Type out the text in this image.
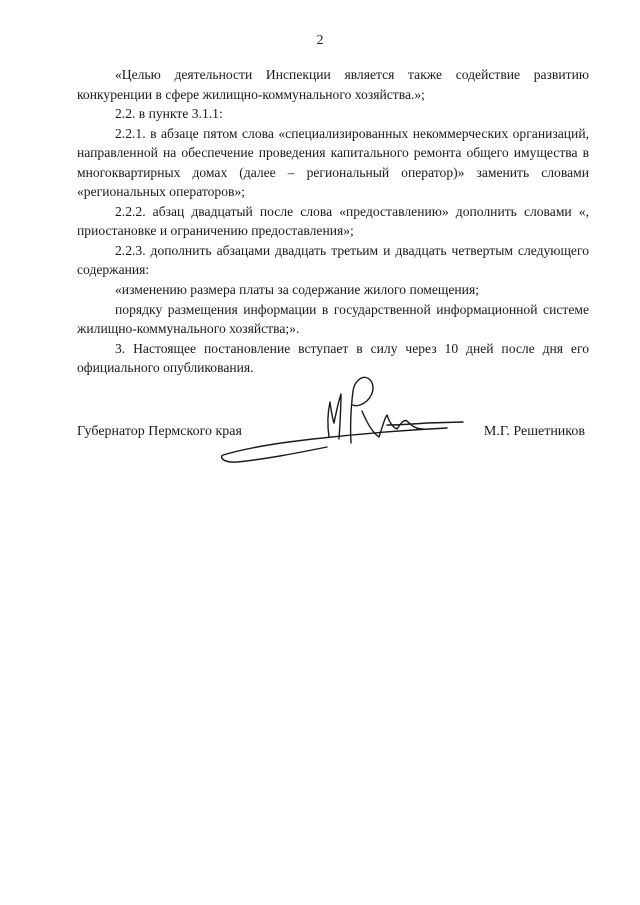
2

«Целью деятельности Инспекции является также содействие развитию конкуренции в сфере жилищно-коммунального хозяйства.»;

2.2. в пункте 3.1.1:

2.2.1. в абзаце пятом слова «специализированных некоммерческих организаций, направленной на обеспечение проведения капитального ремонта общего имущества в многоквартирных домах (далее – региональный оператор)» заменить словами «региональных операторов»;

2.2.2. абзац двадцатый после слова «предоставлению» дополнить словами «, приостановке и ограничению предоставления»;

2.2.3. дополнить абзацами двадцать третьим и двадцать четвертым следующего содержания:

«изменению размера платы за содержание жилого помещения;

порядку размещения информации в государственной информационной системе жилищно-коммунального хозяйства;».

3. Настоящее постановление вступает в силу через 10 дней после дня его официального опубликования.

Губернатор Пермского края	М.Г. Решетников
